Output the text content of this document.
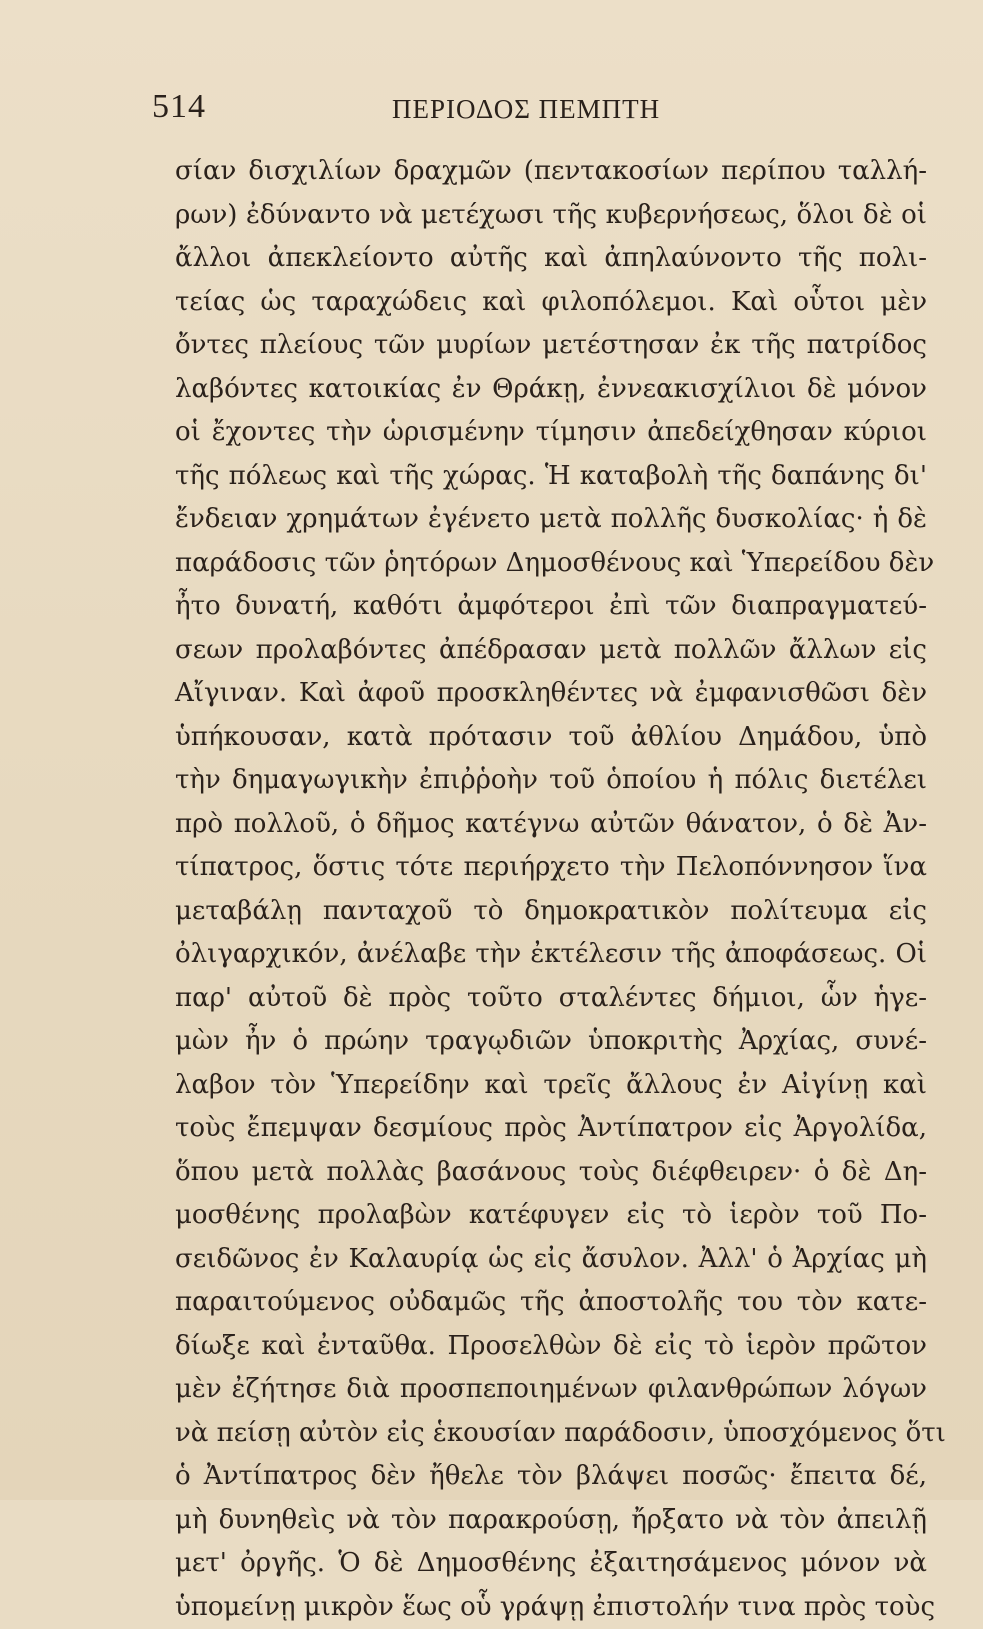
514	ΠΕΡΙΟΔΟΣ ΠΕΜΠΤΗ
σίαν δισχιλίων δραχμῶν (πεντακοσίων περίπου ταλλή-
ρων) ἐδύναντο νὰ μετέχωσι τῆς κυβερνήσεως, ὅλοι δὲ οἱ
ἄλλοι ἀπεκλείοντο αὐτῆς καὶ ἀπηλαύνοντο τῆς πολι-
τείας ὡς ταραχώδεις καὶ φιλοπόλεμοι. Καὶ οὗτοι μὲν
ὄντες πλείους τῶν μυρίων μετέστησαν ἐκ τῆς πατρίδος
λαβόντες κατοικίας ἐν Θράκῃ, ἐννεακισχίλιοι δὲ μόνον
οἱ ἔχοντες τὴν ὡρισμένην τίμησιν ἀπεδείχθησαν κύριοι
τῆς πόλεως καὶ τῆς χώρας. Ἡ καταβολὴ τῆς δαπάνης δι'
ἔνδειαν χρημάτων ἐγένετο μετὰ πολλῆς δυσκολίας· ἡ δὲ
παράδοσις τῶν ῥητόρων Δημοσθένους καὶ Ὑπερείδου δὲν
ἦτο δυνατή, καθότι ἀμφότεροι ἐπὶ τῶν διαπραγματεύ-
σεων προλαβόντες ἀπέδρασαν μετὰ πολλῶν ἄλλων εἰς
Αἴγιναν. Καὶ ἀφοῦ προσκληθέντες νὰ ἐμφανισθῶσι δὲν
ὑπήκουσαν, κατὰ πρότασιν τοῦ ἀθλίου Δημάδου, ὑπὸ
τὴν δημαγωγικὴν ἐπιῤῥοὴν τοῦ ὁποίου ἡ πόλις διετέλει
πρὸ πολλοῦ, ὁ δῆμος κατέγνω αὐτῶν θάνατον, ὁ δὲ Ἀν-
τίπατρος, ὅστις τότε περιήρχετο τὴν Πελοπόννησον ἵνα
μεταβάλῃ πανταχοῦ τὸ δημοκρατικὸν πολίτευμα εἰς
ὀλιγαρχικόν, ἀνέλαβε τὴν ἐκτέλεσιν τῆς ἀποφάσεως. Οἱ
παρ' αὐτοῦ δὲ πρὸς τοῦτο σταλέντες δήμιοι, ὧν ἡγε-
μὼν ἦν ὁ πρώην τραγῳδιῶν ὑποκριτὴς Ἀρχίας, συνέ-
λαβον τὸν Ὑπερείδην καὶ τρεῖς ἄλλους ἐν Αἰγίνῃ καὶ
τοὺς ἔπεμψαν δεσμίους πρὸς Ἀντίπατρον εἰς Ἀργολίδα,
ὅπου μετὰ πολλὰς βασάνους τοὺς διέφθειρεν· ὁ δὲ Δη-
μοσθένης προλαβὼν κατέφυγεν εἰς τὸ ἱερὸν τοῦ Πο-
σειδῶνος ἐν Καλαυρίᾳ ὡς εἰς ἄσυλον. Ἀλλ' ὁ Ἀρχίας μὴ
παραιτούμενος οὐδαμῶς τῆς ἀποστολῆς του τὸν κατε-
δίωξε καὶ ἐνταῦθα. Προσελθὼν δὲ εἰς τὸ ἱερὸν πρῶτον
μὲν ἐζήτησε διὰ προσπεποιημένων φιλανθρώπων λόγων
νὰ πείσῃ αὐτὸν εἰς ἑκουσίαν παράδοσιν, ὑποσχόμενος ὅτι
ὁ Ἀντίπατρος δὲν ἤθελε τὸν βλάψει ποσῶς· ἔπειτα δέ,
μὴ δυνηθεὶς νὰ τὸν παρακρούσῃ, ἤρξατο νὰ τὸν ἀπειλῇ
μετ' ὀργῆς. Ὁ δὲ Δημοσθένης ἐξαιτησάμενος μόνον νὰ
ὑπομείνῃ μικρὸν ἕως οὗ γράψῃ ἐπιστολήν τινα πρὸς τοὺς
